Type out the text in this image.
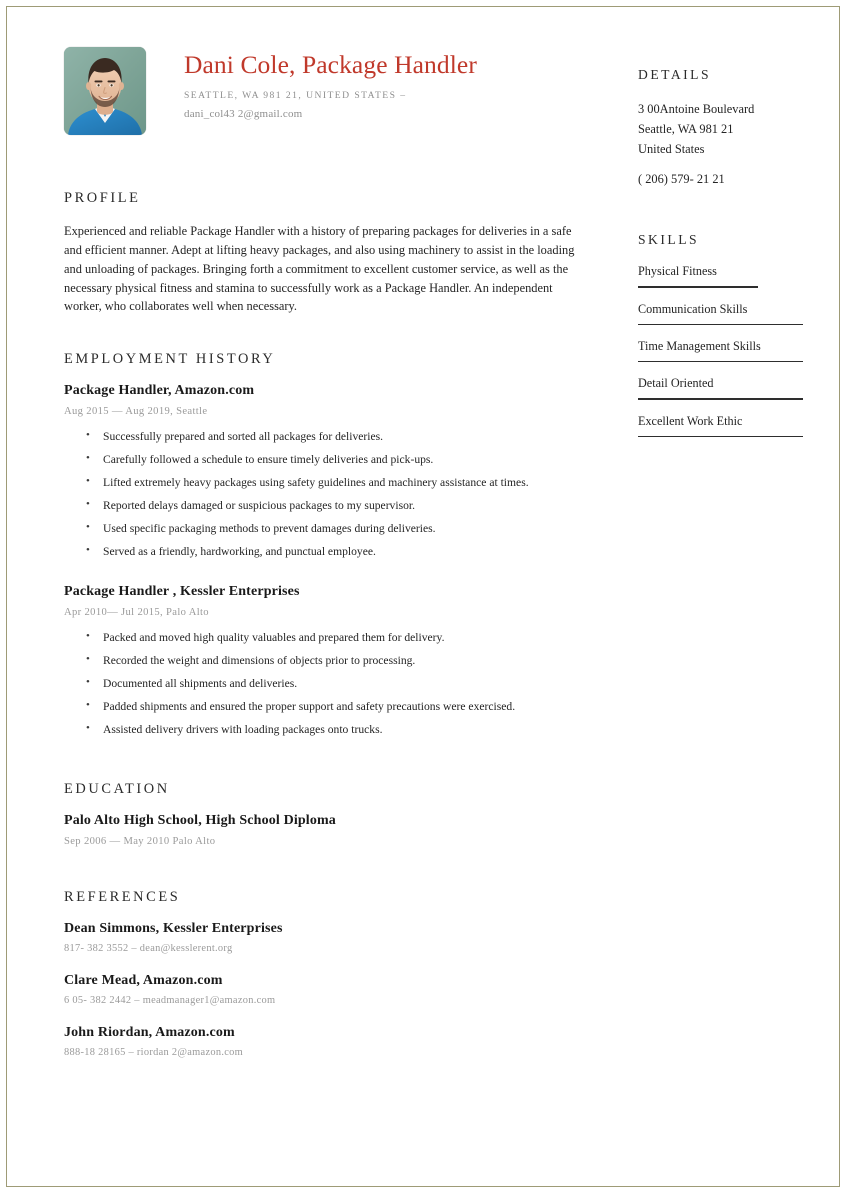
Dani Cole, Package Handler

SEATTLE, WA 981 21, UNITED STATES –

dani_col43 2@gmail.com

PROFILE

Experienced and reliable Package Handler with a history of preparing packages for deliveries in a safe and efficient manner. Adept at lifting heavy packages, and also using machinery to assist in the loading and unloading of packages. Bringing forth a commitment to excellent customer service, as well as the necessary physical fitness and stamina to successfully work as a Package Handler. An independent worker, who collaborates well when necessary.

EMPLOYMENT HISTORY
Package Handler, Amazon.com

Aug 2015 — Aug 2019, Seattle

• Successfully prepared and sorted all packages for deliveries.
• Carefully followed a schedule to ensure timely deliveries and pick-ups.
• Lifted extremely heavy packages using safety guidelines and machinery assistance at times.
• Reported delays damaged or suspicious packages to my supervisor.
• Used specific packaging methods to prevent damages during deliveries.
• Served as a friendly, hardworking, and punctual employee.
Package Handler , Kessler Enterprises

Apr 2010— Jul 2015, Palo Alto

• Packed and moved high quality valuables and prepared them for delivery.
• Recorded the weight and dimensions of objects prior to processing.
• Documented all shipments and deliveries.
• Padded shipments and ensured the proper support and safety precautions were exercised.
• Assisted delivery drivers with loading packages onto trucks.
EDUCATION
Palo Alto High School, High School Diploma

Sep 2006 — May 2010 Palo Alto

REFERENCES
Dean Simmons, Kessler Enterprises

817- 382 3552 – dean@kesslerent.org

Clare Mead, Amazon.com

6 05- 382 2442 – meadmanager1@amazon.com

John Riordan, Amazon.com

888-18 28165 – riordan 2@amazon.com

DETAILS

3 00Antoine Boulevard

Seattle, WA 981 21

United States

( 206) 579- 21 21

SKILLS
Physical Fitness
Communication Skills
Time Management Skills
Detail Oriented
Excellent Work Ethic
